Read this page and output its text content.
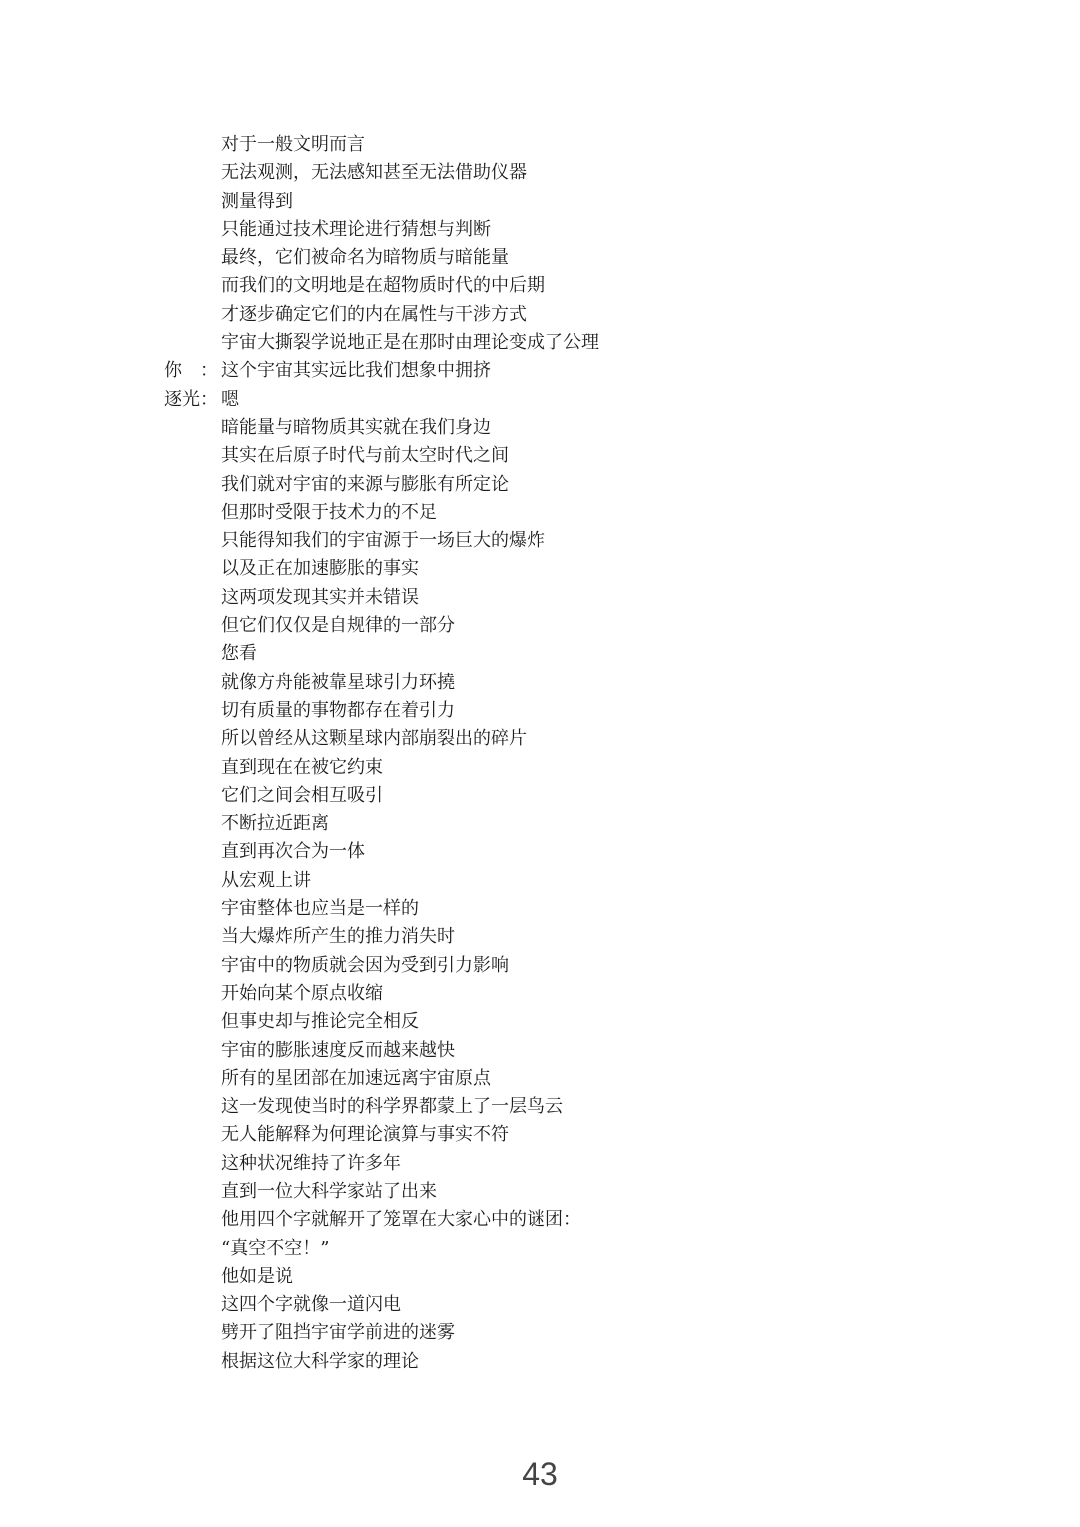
对于一般文明而言
无法观测，无法感知甚至无法借助仪器
测量得到
只能通过技术理论进行猜想与判断
最终，它们被命名为暗物质与暗能量
而我们的文明地是在超物质时代的中后期
才逐步确定它们的内在属性与干涉方式
宇宙大撕裂学说地正是在那时由理论变成了公理
你　： 这个宇宙其实远比我们想象中拥挤
逐光： 嗯
暗能量与暗物质其实就在我们身边
其实在后原子时代与前太空时代之间
我们就对宇宙的来源与膨胀有所定论
但那时受限于技术力的不足
只能得知我们的宇宙源于一场巨大的爆炸
以及正在加速膨胀的事实
这两项发现其实并未错误
但它们仅仅是自规律的一部分
您看
就像方舟能被靠星球引力环撓
切有质量的事物都存在着引力
所以曾经从这颗星球内部崩裂出的碎片
直到现在在被它约束
它们之间会相互吸引
不断拉近距离
直到再次合为一体
从宏观上讲
宇宙整体也应当是一样的
当大爆炸所产生的推力消失时
宇宙中的物质就会因为受到引力影响
开始向某个原点收缩
但事史却与推论完全相反
宇宙的膨胀速度反而越来越快
所有的星团部在加速远离宇宙原点
这一发现使当时的科学界都蒙上了一层鸟云
无人能解释为何理论演算与事实不符
这种状况维持了许多年
直到一位大科学家站了出来
他用四个字就解开了笼罩在大家心中的谜团：
“真空不空！”
他如是说
这四个字就像一道闪电
劈开了阻挡宇宙学前进的迷雾
根据这位大科学家的理论
43
